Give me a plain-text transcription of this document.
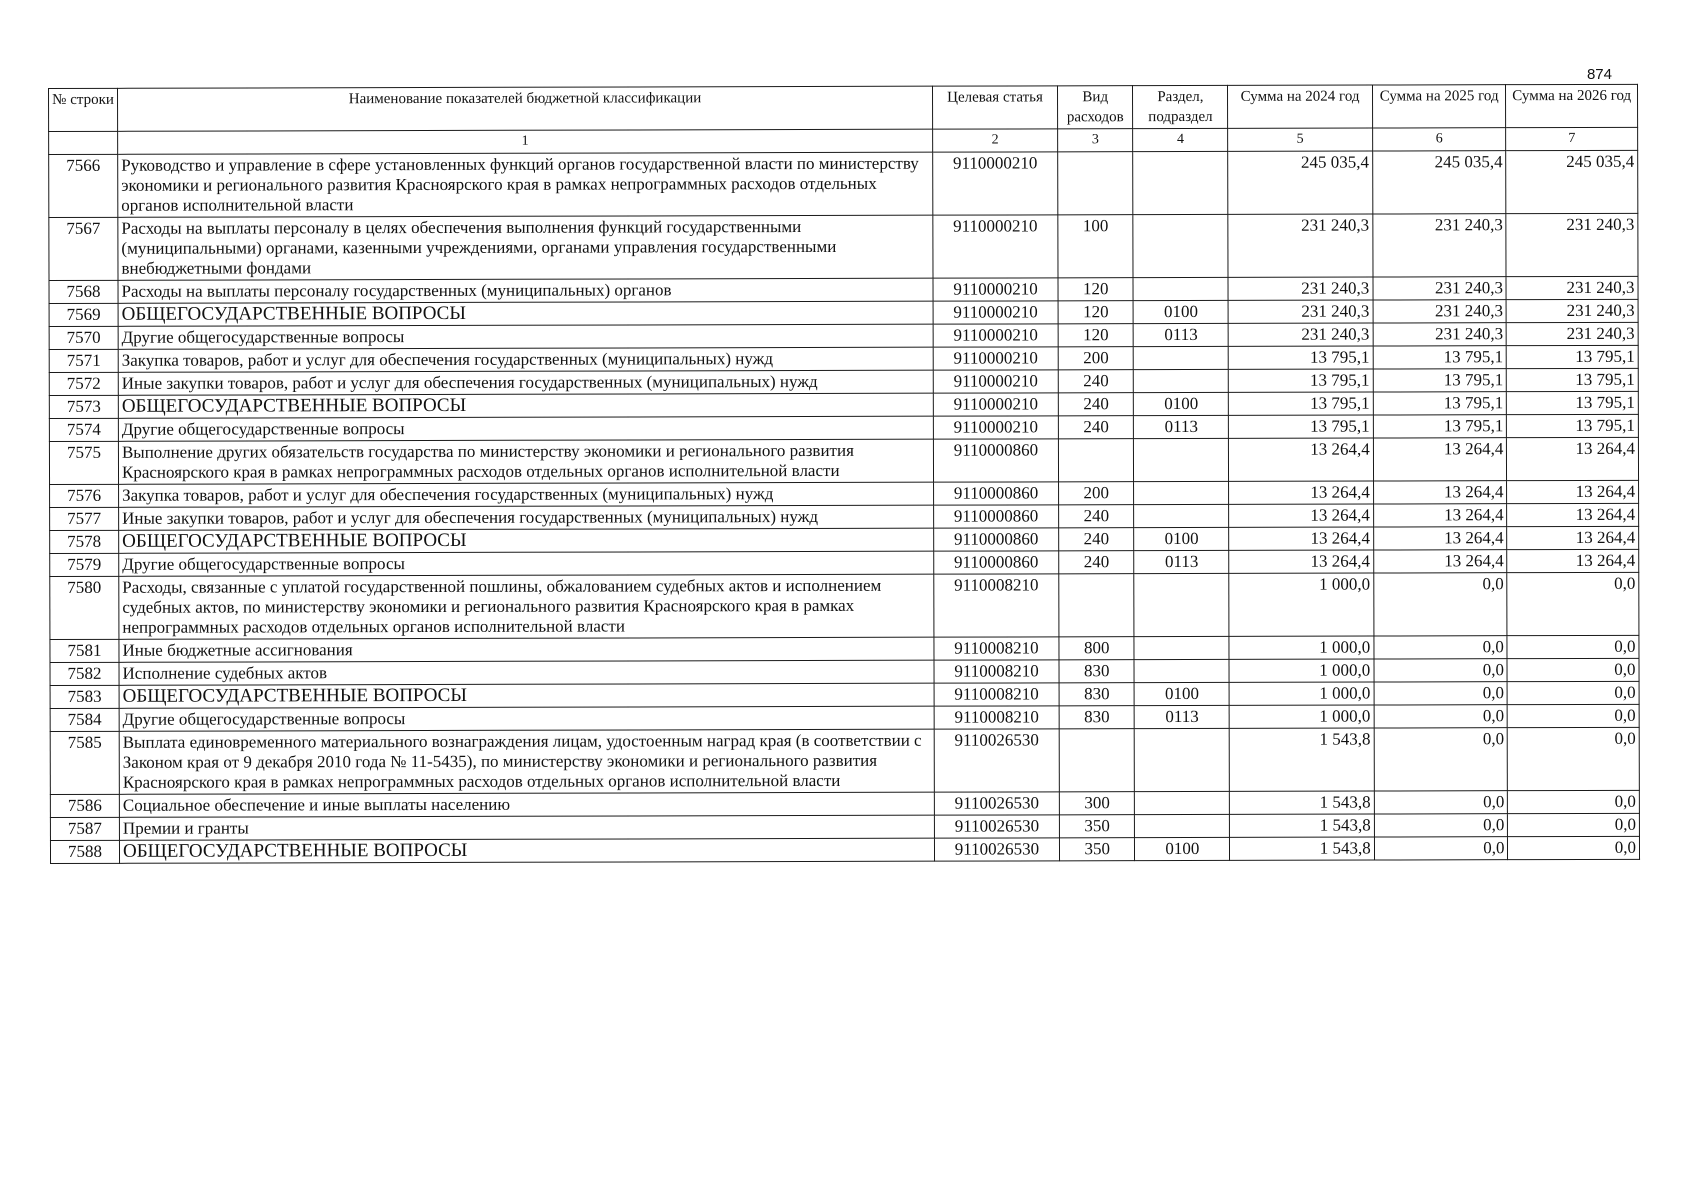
874
№ строки	Наименование показателей бюджетной классификации	Целевая статья	Вид расходов	Раздел, подраздел	Сумма на 2024 год	Сумма на 2025 год	Сумма на 2026 год
	1	2	3	4	5	6	7
7566	Руководство и управление в сфере установленных функций органов государственной власти по министерству экономики и регионального развития Красноярского края в рамках непрограммных расходов отдельных органов исполнительной власти	9110000210			245 035,4	245 035,4	245 035,4
7567	Расходы на выплаты персоналу в целях обеспечения выполнения функций государственными (муниципальными) органами, казенными учреждениями, органами управления государственными внебюджетными фондами	9110000210	100		231 240,3	231 240,3	231 240,3
7568	Расходы на выплаты персоналу государственных (муниципальных) органов	9110000210	120		231 240,3	231 240,3	231 240,3
7569	ОБЩЕГОСУДАРСТВЕННЫЕ ВОПРОСЫ	9110000210	120	0100	231 240,3	231 240,3	231 240,3
7570	Другие общегосударственные вопросы	9110000210	120	0113	231 240,3	231 240,3	231 240,3
7571	Закупка товаров, работ и услуг для обеспечения государственных (муниципальных) нужд	9110000210	200		13 795,1	13 795,1	13 795,1
7572	Иные закупки товаров, работ и услуг для обеспечения государственных (муниципальных) нужд	9110000210	240		13 795,1	13 795,1	13 795,1
7573	ОБЩЕГОСУДАРСТВЕННЫЕ ВОПРОСЫ	9110000210	240	0100	13 795,1	13 795,1	13 795,1
7574	Другие общегосударственные вопросы	9110000210	240	0113	13 795,1	13 795,1	13 795,1
7575	Выполнение других обязательств государства по министерству экономики и регионального развития Красноярского края в рамках непрограммных расходов отдельных органов исполнительной власти	9110000860			13 264,4	13 264,4	13 264,4
7576	Закупка товаров, работ и услуг для обеспечения государственных (муниципальных) нужд	9110000860	200		13 264,4	13 264,4	13 264,4
7577	Иные закупки товаров, работ и услуг для обеспечения государственных (муниципальных) нужд	9110000860	240		13 264,4	13 264,4	13 264,4
7578	ОБЩЕГОСУДАРСТВЕННЫЕ ВОПРОСЫ	9110000860	240	0100	13 264,4	13 264,4	13 264,4
7579	Другие общегосударственные вопросы	9110000860	240	0113	13 264,4	13 264,4	13 264,4
7580	Расходы, связанные с уплатой государственной пошлины, обжалованием судебных актов и исполнением судебных актов, по министерству экономики и регионального развития Красноярского края в рамках непрограммных расходов отдельных органов исполнительной власти	9110008210			1 000,0	0,0	0,0
7581	Иные бюджетные ассигнования	9110008210	800		1 000,0	0,0	0,0
7582	Исполнение судебных актов	9110008210	830		1 000,0	0,0	0,0
7583	ОБЩЕГОСУДАРСТВЕННЫЕ ВОПРОСЫ	9110008210	830	0100	1 000,0	0,0	0,0
7584	Другие общегосударственные вопросы	9110008210	830	0113	1 000,0	0,0	0,0
7585	Выплата единовременного материального вознаграждения лицам, удостоенным наград края (в соответствии с Законом края от 9 декабря 2010 года № 11-5435), по министерству экономики и регионального развития Красноярского края в рамках непрограммных расходов отдельных органов исполнительной власти	9110026530			1 543,8	0,0	0,0
7586	Социальное обеспечение и иные выплаты населению	9110026530	300		1 543,8	0,0	0,0
7587	Премии и гранты	9110026530	350		1 543,8	0,0	0,0
7588	ОБЩЕГОСУДАРСТВЕННЫЕ ВОПРОСЫ	9110026530	350	0100	1 543,8	0,0	0,0
